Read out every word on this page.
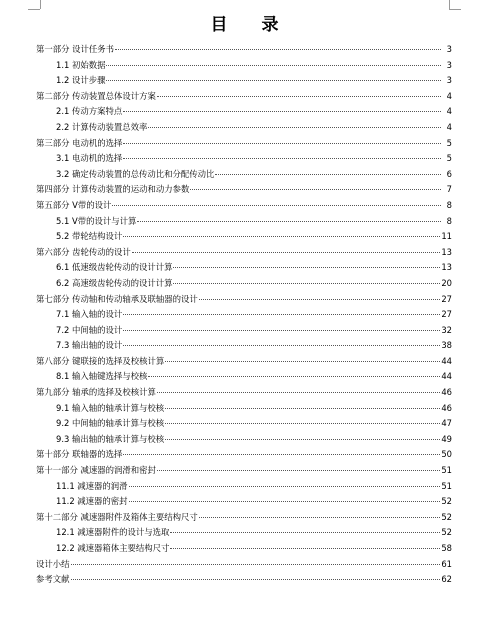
目 录
第一部分 设计任务书	3
1.1 初始数据	3
1.2 设计步骤	3
第二部分 传动装置总体设计方案	4
2.1 传动方案特点	4
2.2 计算传动装置总效率	4
第三部分 电动机的选择	5
3.1 电动机的选择	5
3.2 确定传动装置的总传动比和分配传动比	6
第四部分 计算传动装置的运动和动力参数	7
第五部分 V带的设计	8
5.1 V带的设计与计算	8
5.2 带轮结构设计	11
第六部分 齿轮传动的设计	13
6.1 低速级齿轮传动的设计计算	13
6.2 高速级齿轮传动的设计计算	20
第七部分 传动轴和传动轴承及联轴器的设计	27
7.1 输入轴的设计	27
7.2 中间轴的设计	32
7.3 输出轴的设计	38
第八部分 键联接的选择及校核计算	44
8.1 输入轴键选择与校核	44
第九部分 轴承的选择及校核计算	46
9.1 输入轴的轴承计算与校核	46
9.2 中间轴的轴承计算与校核	47
9.3 输出轴的轴承计算与校核	49
第十部分 联轴器的选择	50
第十一部分 减速器的润滑和密封	51
11.1 减速器的润滑	51
11.2 减速器的密封	52
第十二部分 减速器附件及箱体主要结构尺寸	52
12.1 减速器附件的设计与选取	52
12.2 减速器箱体主要结构尺寸	58
设计小结	61
参考文献	62
